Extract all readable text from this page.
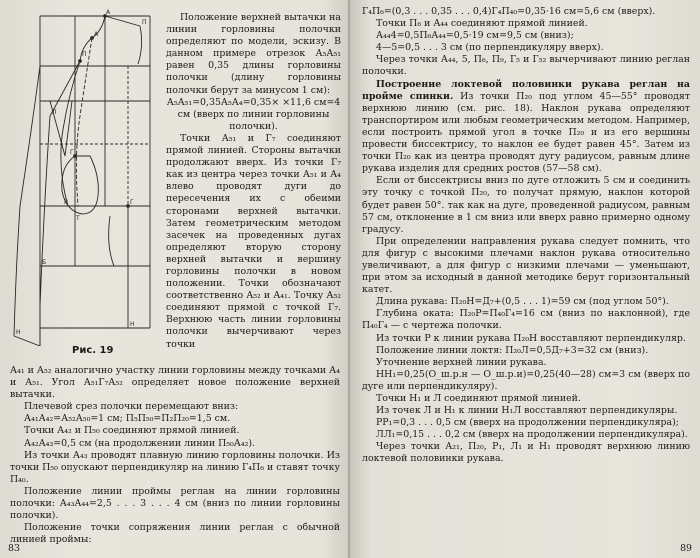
А
П
А
П
Г
Г
Т
Б
Н
Н
Л
Р
Рис. 19

Положение верхней вытачки на линии горловины полочки определяют по модели, эскизу. В данном примере отрезок А₅А₅₁ равен 0,35 длины горловины полочки (длину горловины полочки берут за минусом 1 см):

А₅А₅₁=0,35А₅А₄=0,35× ×11,6 см=4 см (вверх по линии горловины полочки).

Точки А₅₁ и Г₇ соединяют прямой линией. Стороны вытачки продолжают вверх. Из точки Г₇ как из центра через точки А₅₁ и А₄ влево проводят дуги до пересечения их с обеими сторонами верхней вытачки. Затем геометрическим методом засечек на проведенных дугах определяют вторую сторону верхней вытачки и вершину горловины полочки в новом положении. Точки обозначают соответственно А₅₂ и А₄₁. Точку А₅₂ соединяют прямой с точкой Г₇. Верхнюю часть линии горловины полочки вычерчивают через точки

А₄₁ и А₅₂ аналогично участку линии горловины между точками А₄ и А₅₁. Угол А₅₁Г₇А₅₂ определяет новое положение верхней вытачки.

Плечевой срез полочки перемещают вниз:

А₄₁А₄₂=А₅₂А₅₀=1 см; П₅П₅₀=П₂П₂₀=1,5 см.

Точки А₄₂ и П₅₀ соединяют прямой линией.

А₄₂А₄₃=0,5 см (на продолжении линии П₅₀А₄₂).

Из точки А₄₃ проводят плавную линию горловины полочки. Из точки П₅₀ опускают перпендикуляр на линию Г₄П₆ и ставят точку П₄₀.

Положение линии проймы реглан на линии горловины полочки: А₄₃А₄₄=2,5 . . . 3 . . . 4 см (вниз по линии горловины полочки).

Положение точки сопряжения линии реглан с обычной линией проймы:

83

Г₄П₆=(0,3 . . . 0,35 . . . 0,4)Г₄П₄₀=0,35·16 см=5,6 см (вверх).

Точки П₆ и А₄₄ соединяют прямой линией.

А₄₄4=0,5П₆А₄₄=0,5·19 см=9,5 см (вниз);

4—5=0,5 . . . 3 см (по перпендикуляру вверх).

Через точки А₄₄, 5, П₆, П₉, Г₅ и Г₅₂ вычерчивают линию реглан полочки.

Построение локтевой половинки рукава реглан на пройме спинки. Из точки П₂₀ под углом 45—55° проводят верхнюю линию (см. рис. 18). Наклон рукава определяют транспортиром или любым геометрическим методом. Например, если построить прямой угол в точке П₂₀ и из его вершины провести биссектрису, то наклон ее будет равен 45°. Затем из точки П₂₀ как из центра проводят дугу радиусом, равным длине рукава изделия для средних ростов (57—58 см).

Если от биссектрисы вниз по дуге отложить 5 см и соединить эту точку с точкой П₂₀, то получат прямую, наклон которой будет равен 50°. так как на дуге, проведенной радиусом, равным 57 см, отклонение в 1 см вниз или вверх равно примерно одному градусу.

При определении направления рукава следует помнить, что для фигур с высокими плечами наклон рукава относительно увеличивают, а для фигур с низкими плечами — уменьшают, при этом за исходный в данной методике берут горизонтальный катет.

Длина рукава: П₂₀Н=Д₇+(0,5 . . . 1)=59 см (под углом 50°).

Глубина оката: П₂₀Р=П₄₀Г₄=16 см (вниз по наклонной), где П₄₀Г₄ — с чертежа полочки.

Из точки Р к линии рукава П₂₀Н восставляют перпендикуляр.

Положение линии локтя: П₂₀Л=0,5Д₇+3=32 см (вниз).

Уточнение верхней линии рукава.

НН₁=0,25(О_ш.р.н — О_ш.р.и)=0,25(40—28) см=3 см (вверх по дуге или перпендикуляру).

Точки Н₁ и Л соединяют прямой линией.

Из точек Л и Н₁ к линии Н₁Л восставляют перпендикуляры.

РР₁=0,3 . . . 0,5 см (вверх на продолжении перпендикуляра);

ЛЛ₁=0,15 . . . 0,2 см (вверх на продолжении перпендикуляра).

Через точки А₂₁, П₂₀, Р₁, Л₁ и Н₁ проводят верхнюю линию локтевой половинки рукава.

89
